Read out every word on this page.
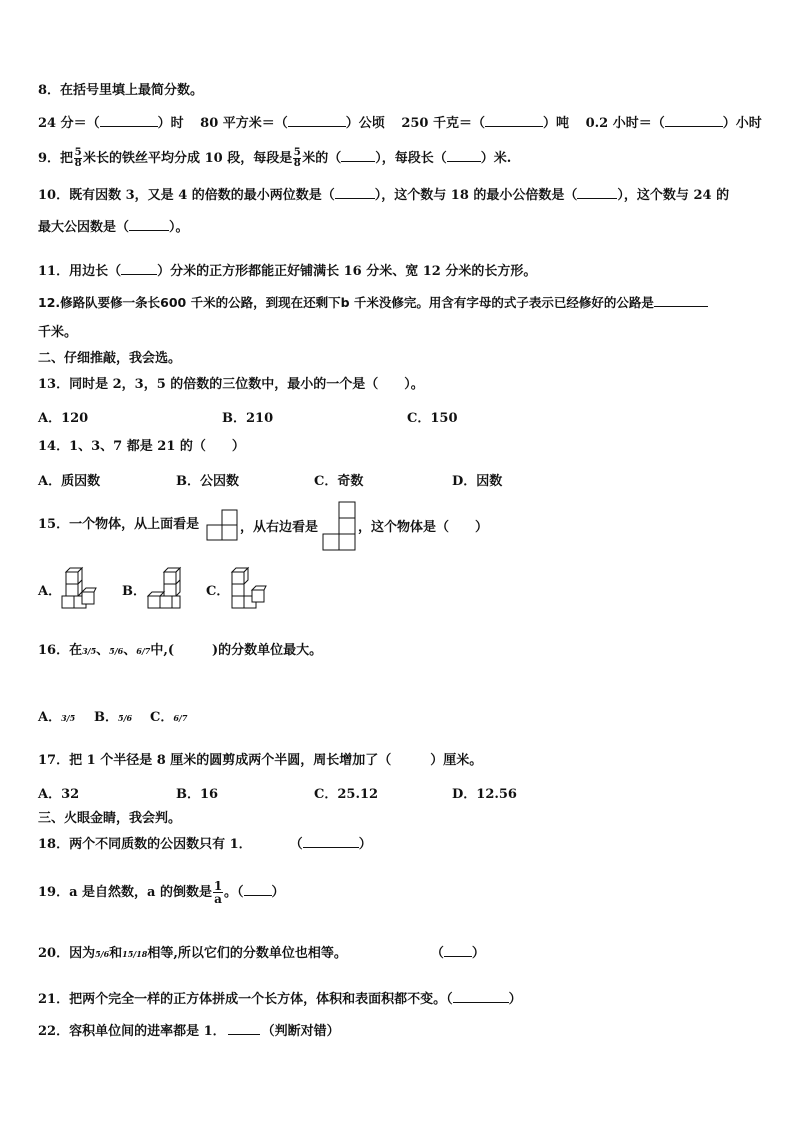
8．在括号里填上最简分数。
24 分＝（	）时 80 平方米＝（	）公顷 250 千克＝（	）吨 0.2 小时＝（	）小时
9．把 $\frac{5}{8}$ 米长的铁丝平均分成 10 段，每段是 $\frac{5}{8}$ 米的（	），每段长（	）米.
10．既有因数 3，又是 4 的倍数的最小两位数是（	），这个数与 18 的最小公倍数是（	），这个数与 24 的
最大公因数是（	）。
11．用边长（	）分米的正方形都能正好铺满长 16 分米、宽 12 分米的长方形。
12.修路队要修一条长600 千米的公路，到现在还剩下b 千米没修完。用含有字母的式子表示已经修好的公路是
千米。
二、仔细推敲，我会选。
13．同时是 2，3，5 的倍数的三位数中，最小的一个是（　　）。
A．120	B．210	C．150
14．1、3、7 都是 21 的（　　）
A．质因数	B．公因数	C．奇数	D．因数
15．一个物体，从上面看是	，从右边看是	，这个物体是（　　）
A．	B．	C．
16．在3/5、5/6、6/7中,(	)的分数单位最大。
A．3/5 B．5/6 C．6/7
17．把 1 个半径是 8 厘米的圆剪成两个半圆，周长增加了（　　　）厘米。
A．32	B．16	C．25.12	D．12.56
三、火眼金睛，我会判。
18．两个不同质数的公因数只有 1．	（	）
19．a 是自然数，a 的倒数是 $\frac{1}{a}$ 。（ ）
20．因为5/6和15/18相等,所以它们的分数单位也相等。	（ ）
21．把两个完全一样的正方体拼成一个长方体，体积和表面积都不变。（	）
22．容积单位间的进率都是 1．	（判断对错）
